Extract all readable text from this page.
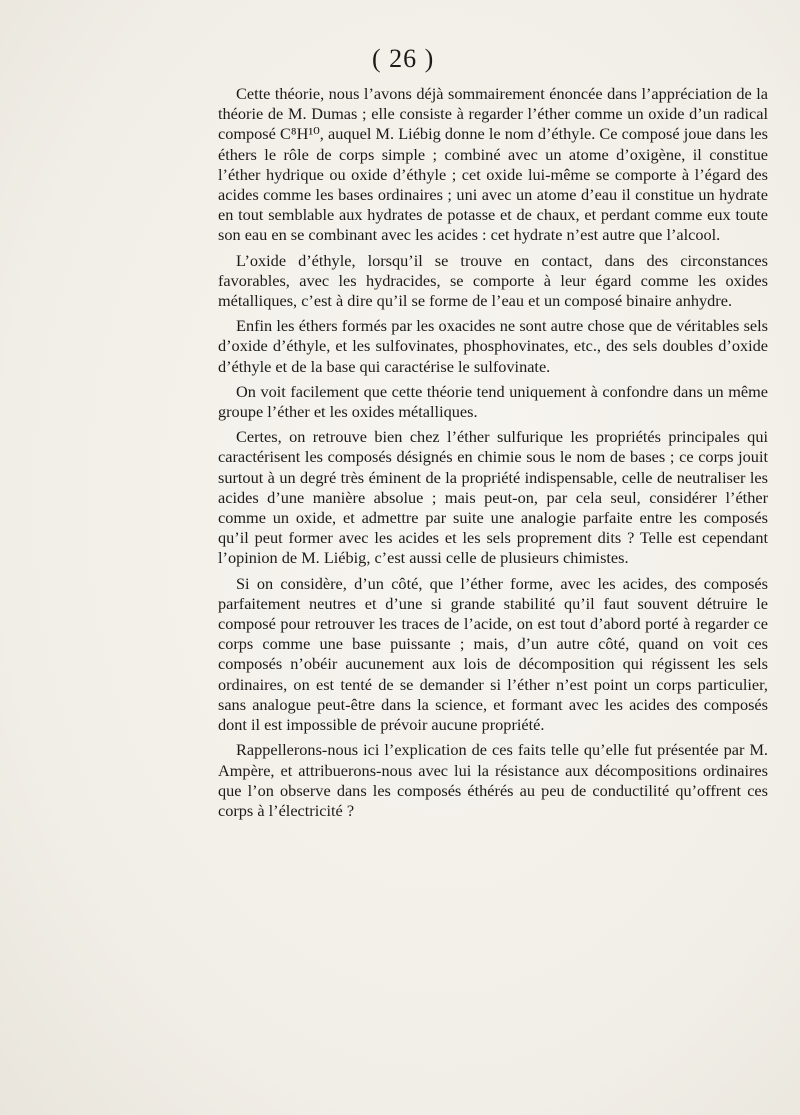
( 26 )

Cette théorie, nous l’avons déjà sommairement énoncée dans l’appréciation de la théorie de M. Dumas ; elle consiste à regarder l’éther comme un oxide d’un radical composé C⁸H¹⁰, auquel M. Liébig donne le nom d’éthyle. Ce composé joue dans les éthers le rôle de corps simple ; combiné avec un atome d’oxigène, il constitue l’éther hydrique ou oxide d’éthyle ; cet oxide lui-même se comporte à l’égard des acides comme les bases ordinaires ; uni avec un atome d’eau il constitue un hydrate en tout semblable aux hydrates de potasse et de chaux, et perdant comme eux toute son eau en se combinant avec les acides : cet hydrate n’est autre que l’alcool.

L’oxide d’éthyle, lorsqu’il se trouve en contact, dans des circonstances favorables, avec les hydracides, se comporte à leur égard comme les oxides métalliques, c’est à dire qu’il se forme de l’eau et un composé binaire anhydre.

Enfin les éthers formés par les oxacides ne sont autre chose que de véritables sels d’oxide d’éthyle, et les sulfovinates, phosphovinates, etc., des sels doubles d’oxide d’éthyle et de la base qui caractérise le sulfovinate.

On voit facilement que cette théorie tend uniquement à confondre dans un même groupe l’éther et les oxides métalliques.

Certes, on retrouve bien chez l’éther sulfurique les propriétés principales qui caractérisent les composés désignés en chimie sous le nom de bases ; ce corps jouit surtout à un degré très éminent de la propriété indispensable, celle de neutraliser les acides d’une manière absolue ; mais peut-on, par cela seul, considérer l’éther comme un oxide, et admettre par suite une analogie parfaite entre les composés qu’il peut former avec les acides et les sels proprement dits ? Telle est cependant l’opinion de M. Liébig, c’est aussi celle de plusieurs chimistes.

Si on considère, d’un côté, que l’éther forme, avec les acides, des composés parfaitement neutres et d’une si grande stabilité qu’il faut souvent détruire le composé pour retrouver les traces de l’acide, on est tout d’abord porté à regarder ce corps comme une base puissante ; mais, d’un autre côté, quand on voit ces composés n’obéir aucunement aux lois de décomposition qui régissent les sels ordinaires, on est tenté de se demander si l’éther n’est point un corps particulier, sans analogue peut-être dans la science, et formant avec les acides des composés dont il est impossible de prévoir aucune propriété.

Rappellerons-nous ici l’explication de ces faits telle qu’elle fut présentée par M. Ampère, et attribuerons-nous avec lui la résistance aux décompositions ordinaires que l’on observe dans les composés éthérés au peu de conductilité qu’offrent ces corps à l’électricité ?
